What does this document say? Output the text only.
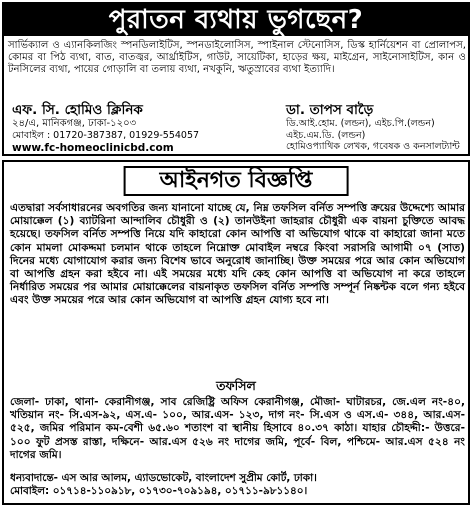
পুরাতন ব্যথায় ভুগছেন?
সার্ভিক্যাল ও এ্যানকিলজিং স্পনডিলাইটিস, স্পনডাইলোসিস, স্পাইনাল স্টেনোসিস, ডিস্ক হার্নিয়েশন বা প্রোলাপস, কোমর বা পিঠ ব্যথা, বাত, বাতজ্বর, আর্থ্রাইটিস, গাউট, সায়েটিকা, হাড়ের ক্ষয়, মাইগ্রেন, সাইনোসাইটিস, কান ও টনসিলের ব্যথা, পায়ের গোড়ালি বা তলায় ব্যথা, নখকুনি, ঋতুস্রাবের ব্যথা ইত্যাদি।
এফ. সি. হোমিও ক্লিনিক
২৪/এ, মানিকগঞ্জ, ঢাকা-১২০৩
মোবাইল : 01720-387387, 01929-554057
www.fc-homeoclinicbd.com
ডা. তাপস বাড়ৈ
ডি.আই.হোম. (লন্ডন), এইচ.পি.(লন্ডন)
এইচ.এম.ডি. (লন্ডন)
হোমিওপ্যাথিক লেখক, গবেষক ও কনসালট্যান্ট
আইনগত বিজ্ঞপ্তি
এতদ্বারা সর্বসাধারনের অবগতির জন্য যানানো যাচ্ছে যে, নিম্ন তফসিল বর্নিত সম্পত্তি ক্রয়ের উদ্দেশ্যে আমার মোয়াক্কেল (১) ব্যাটরিনা আন্দালিব চৌধুরী ও (২) তানউইনা জাহরার চৌধুরী এক বায়না চুক্তিতে আবদ্ধ হয়েছে। তফসিল বর্নিত সম্পত্তি নিয়ে যদি কাহারো কোন আপত্তি বা অভিযোগ থাকে বা কাহারো জানা মতে কোন মামলা মোকদ্দমা চলমান থাকে তাহলে নিম্নোক্ত মোবাইল নম্বরে কিংবা সরাসরি আগামী ০৭ (সাত) দিনের মধ্যে যোগাযোগ করার জন্য বিশেষ ভাবে অনুরোধ জানাচ্ছি। উক্ত সময়ের পরে আর কোন অভিযোগ বা আপত্তি গ্রহন করা হইবে না। এই সময়ের মধ্যে যদি কেহ কোন আপত্তি বা অভিযোগ না করে তাহলে নির্ধারিত সময়ের পর আমার মোয়াক্কেলের বায়নাকৃত তফসিল বর্নিত সম্পত্তি সম্পূর্ন নিষ্কন্টক বলে গন্য হইবে এবং উক্ত সময়ের পরে আর কোন অভিযোগ বা আপত্তি গ্রহন যোগ্য হবে না।
তফসিল
জেলা- ঢাকা, থানা- কেরানীগঞ্জ, সাব রেজিষ্ট্রি অফিস কেরানীগঞ্জ, মৌজা- ঘাটারচর, জে.এল নং-৪০, খতিয়ান নং- সি.এস-৯২, এস.এ- ১০০, আর.এস- ১২৩, দাগ নং- সি.এস ও এস.এ- ৩৪৪, আর.এস- ৫২৫, জমির পরিমান কম-বেশী ৬৫.৬০ শতাংশ বা স্থানীয় হিসাবে ৪০.৩৭ কাঠা। যাহার চৌহদ্দী:- উত্তরে- ১০০ ফুট প্রসস্ত রাস্তা, দক্ষিনে- আর.এস ৫২৬ নং দাগের জমি, পূর্বে- বিল, পশ্চিমে- আর.এস ৫২৪ নং দাগের জমি।
ধন্যবাদান্তে- এস আর আলম, এ্যাডভোকেট, বাংলাদেশ সুপ্রীম কোর্ট, ঢাকা।
মোবাইল: ০১৭১৪-১১০৯১৮, ০১৭৩০-৭০৯১৯৪, ০১৭১১-৯৮১১৪০।
